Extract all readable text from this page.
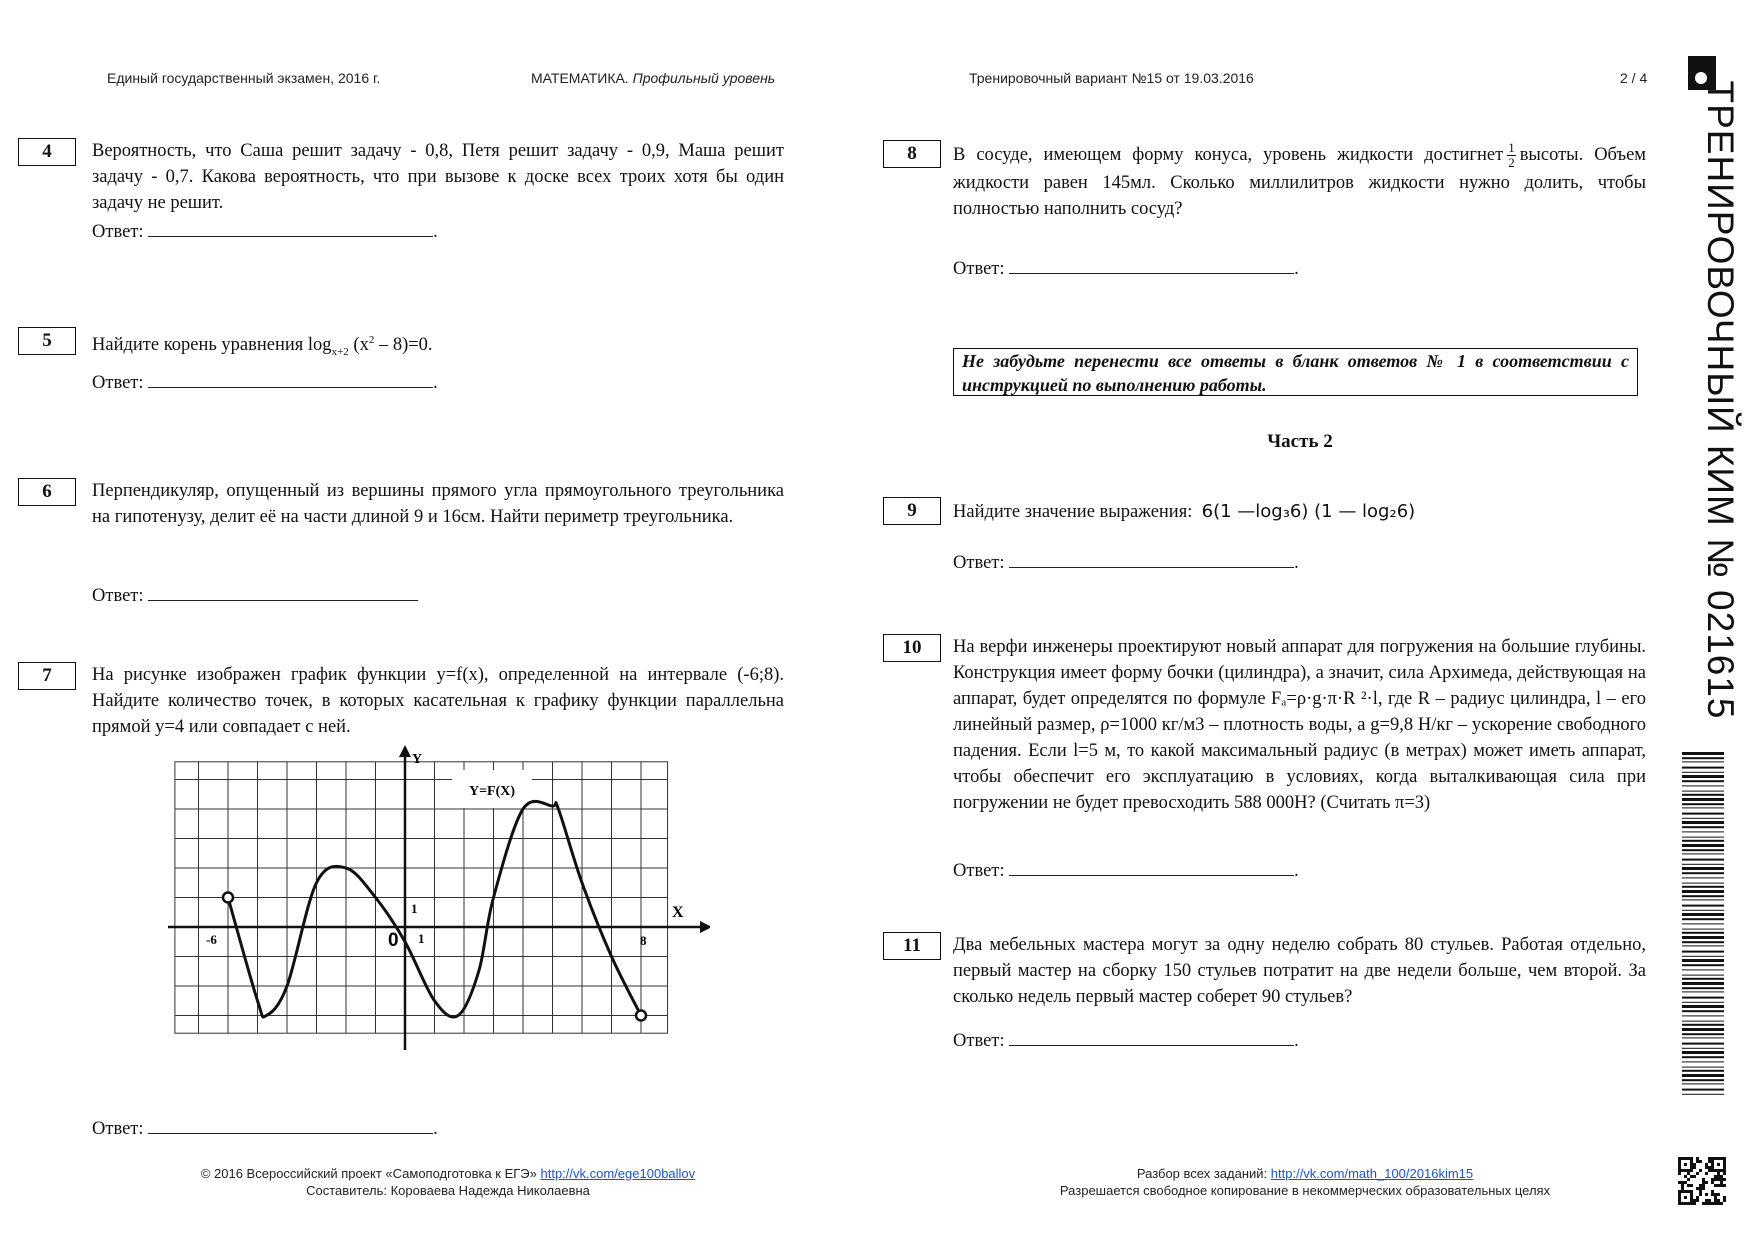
Единый государственный экзамен, 2016 г.	МАТЕМАТИКА. Профильный уровень	Тренировочный вариант №15 от 19.03.2016	2 / 4
4	Вероятность, что Саша решит задачу - 0,8, Петя решит задачу - 0,9, Маша решит задачу - 0,7. Какова вероятность, что при вызове к доске всех троих хотя бы один задачу не решит.
Ответ:	.
5	Найдите корень уравнения $\log_{x+2} (x^2 - 8)=0$.
Ответ:	.
6	Перпендикуляр, опущенный из вершины прямого угла прямоугольного треугольника на гипотенузу, делит её на части длиной 9 и 16см. Найти периметр треугольника.
Ответ:
7	На рисунке изображен график функции y=f(x), определенной на интервале (-6;8). Найдите количество точек, в которых касательная к графику функции параллельна прямой y=4 или совпадает с ней.
Y=F(X)
Y
X
1
0 1
-6	8
Ответ:	.
8	В сосуде, имеющем форму конуса, уровень жидкости достигнет $\frac{1}{2}$ высоты. Объем жидкости равен 145мл. Сколько миллилитров жидкости нужно долить, чтобы полностью наполнить сосуд?
Ответ:	.
Не забудьте перенести все ответы в бланк ответов № 1 в соответствии с инструкцией по выполнению работы.
Часть 2
9	Найдите значение выражения: 6(1 —log₃6) (1 — log₂6)
Ответ:	.
10	На верфи инженеры проектируют новый аппарат для погружения на большие глубины. Конструкция имеет форму бочки (цилиндра), а значит, сила Архимеда, действующая на аппарат, будет определятся по формуле Fₐ=ρ·g·π·R ²·l, где R – радиус цилиндра, l – его линейный размер, ρ=1000 кг/м3 – плотность воды, а g=9,8 Н/кг – ускорение свободного падения. Если l=5 м, то какой максимальный радиус (в метрах) может иметь аппарат, чтобы обеспечит его эксплуатацию в условиях, когда выталкивающая сила при погружении не будет превосходить 588 000Н? (Считать π=3)
Ответ:	.
11	Два мебельных мастера могут за одну неделю собрать 80 стульев. Работая отдельно, первый мастер на сборку 150 стульев потратит на две недели больше, чем второй. За сколько недель первый мастер соберет 90 стульев?
Ответ:	.
© 2016 Всероссийский проект «Самоподготовка к ЕГЭ» http://vk.com/ege100ballov
Составитель: Короваева Надежда Николаевна
Разбор всех заданий: http://vk.com/math_100/2016kim15
Разрешается свободное копирование в некоммерческих образовательных целях
ТРЕНИРОВОЧНЫЙ КИМ № 021615
